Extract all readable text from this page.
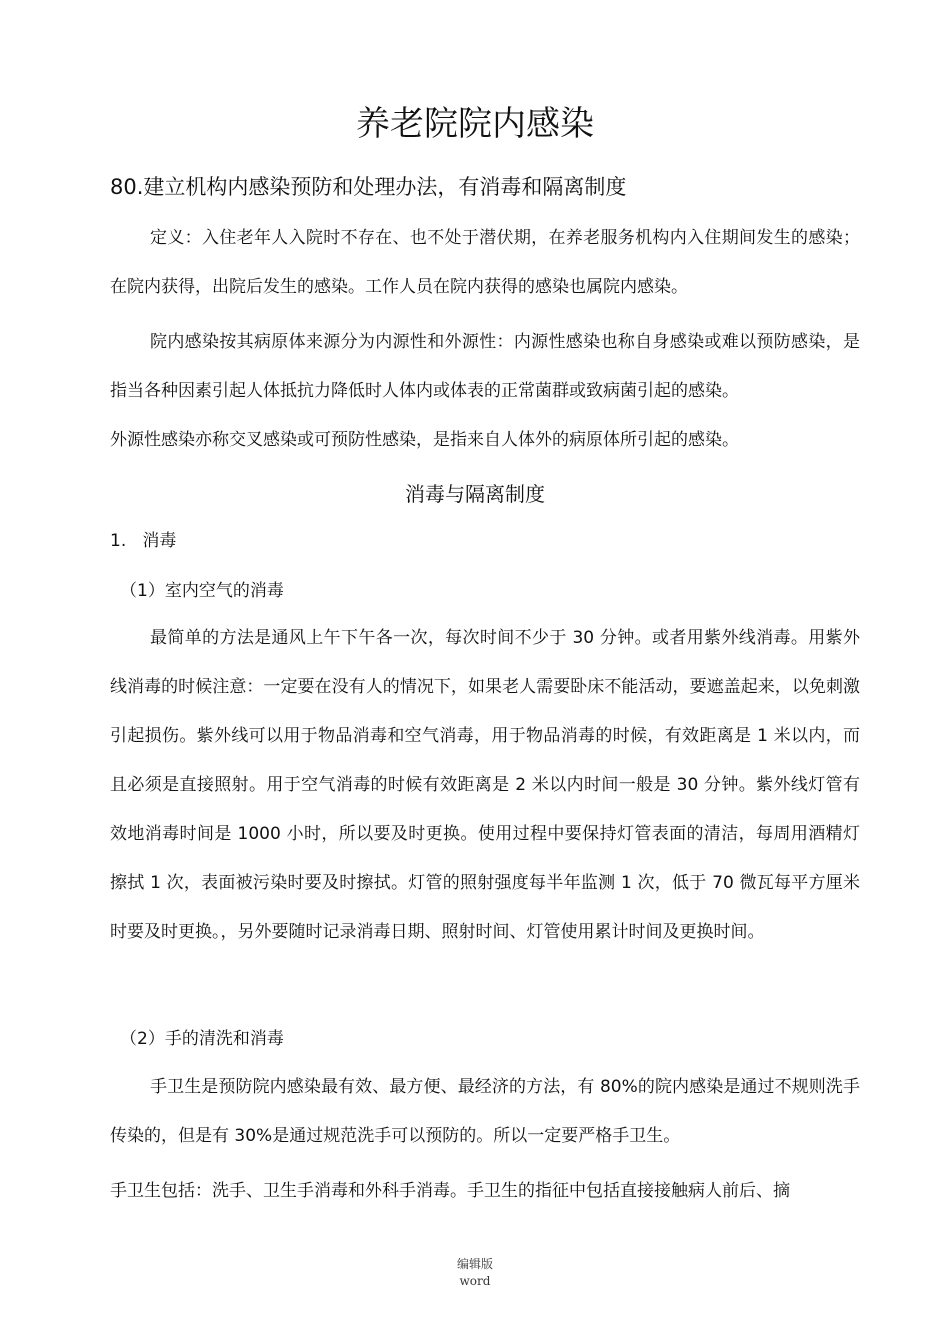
养老院院内感染
80.建立机构内感染预防和处理办法，有消毒和隔离制度

定义：入住老年人入院时不存在、也不处于潜伏期，在养老服务机构内入住期间发生的感染；在院内获得，出院后发生的感染。工作人员在院内获得的感染也属院内感染。

院内感染按其病原体来源分为内源性和外源性：内源性感染也称自身感染或难以预防感染，是指当各种因素引起人体抵抗力降低时人体内或体表的正常菌群或致病菌引起的感染。

外源性感染亦称交叉感染或可预防性感染，是指来自人体外的病原体所引起的感染。

消毒与隔离制度
1.   消毒
（1）室内空气的消毒

最简单的方法是通风上午下午各一次，每次时间不少于 30 分钟。或者用紫外线消毒。用紫外线消毒的时候注意：一定要在没有人的情况下，如果老人需要卧床不能活动，要遮盖起来，以免刺激引起损伤。紫外线可以用于物品消毒和空气消毒，用于物品消毒的时候，有效距离是 1 米以内，而且必须是直接照射。用于空气消毒的时候有效距离是 2 米以内时间一般是 30 分钟。紫外线灯管有效地消毒时间是 1000 小时，所以要及时更换。使用过程中要保持灯管表面的清洁，每周用酒精灯擦拭 1 次，表面被污染时要及时擦拭。灯管的照射强度每半年监测 1 次，低于 70 微瓦每平方厘米时要及时更换。，另外要随时记录消毒日期、照射时间、灯管使用累计时间及更换时间。

（2）手的清洗和消毒

手卫生是预防院内感染最有效、最方便、最经济的方法，有 80%的院内感染是通过不规则洗手传染的，但是有 30%是通过规范洗手可以预防的。所以一定要严格手卫生。

手卫生包括：洗手、卫生手消毒和外科手消毒。手卫生的指征中包括直接接触病人前后、摘

编辑版
word
